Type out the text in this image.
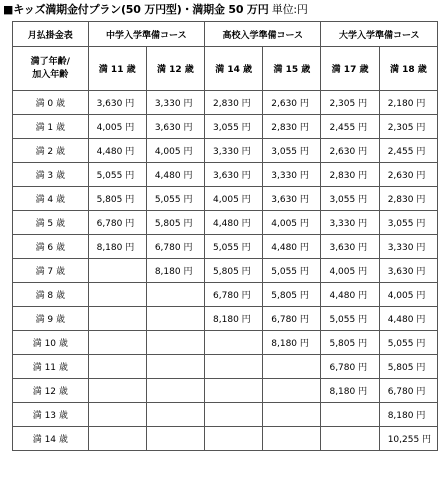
■キッズ満期金付プラン(50 万円型)・満期金 50 万円 単位:円
月払掛金表	中学入学準備コース		高校入学準備コース		大学入学準備コース	

満了年齢/
加入年齢	満 11 歳	満 12 歳	満 14 歳	満 15 歳	満 17 歳	満 18 歳
満 0 歳	3,630 円	3,330 円	2,830 円	2,630 円	2,305 円	2,180 円
満 1 歳	4,005 円	3,630 円	3,055 円	2,830 円	2,455 円	2,305 円
満 2 歳	4,480 円	4,005 円	3,330 円	3,055 円	2,630 円	2,455 円
満 3 歳	5,055 円	4,480 円	3,630 円	3,330 円	2,830 円	2,630 円
満 4 歳	5,805 円	5,055 円	4,005 円	3,630 円	3,055 円	2,830 円
満 5 歳	6,780 円	5,805 円	4,480 円	4,005 円	3,330 円	3,055 円
満 6 歳	8,180 円	6,780 円	5,055 円	4,480 円	3,630 円	3,330 円
満 7 歳		8,180 円	5,805 円	5,055 円	4,005 円	3,630 円
満 8 歳			6,780 円	5,805 円	4,480 円	4,005 円
満 9 歳			8,180 円	6,780 円	5,055 円	4,480 円
満 10 歳				8,180 円	5,805 円	5,055 円
満 11 歳					6,780 円	5,805 円
満 12 歳					8,180 円	6,780 円
満 13 歳						8,180 円
満 14 歳						10,255 円
